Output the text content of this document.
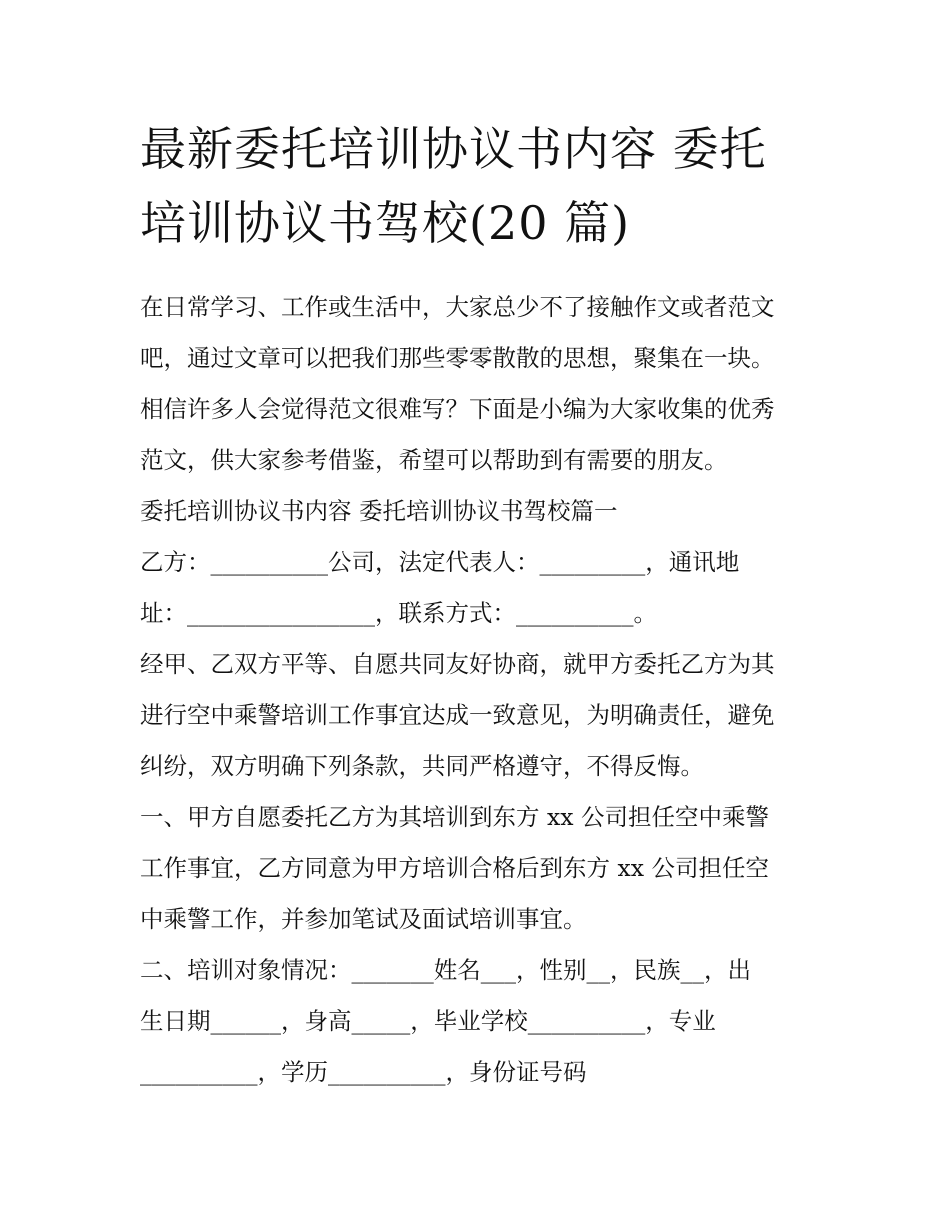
最新委托培训协议书内容 委托
培训协议书驾校(20 篇)
在日常学习、工作或生活中，大家总少不了接触作文或者范文
吧，通过文章可以把我们那些零零散散的思想，聚集在一块。
相信许多人会觉得范文很难写？下面是小编为大家收集的优秀
范文，供大家参考借鉴，希望可以帮助到有需要的朋友。
委托培训协议书内容 委托培训协议书驾校篇一
乙方：__________公司，法定代表人：_________，通讯地
址：________________，联系方式：__________。
经甲、乙双方平等、自愿共同友好协商，就甲方委托乙方为其
进行空中乘警培训工作事宜达成一致意见，为明确责任，避免
纠纷，双方明确下列条款，共同严格遵守，不得反悔。
一、甲方自愿委托乙方为其培训到东方 xx 公司担任空中乘警
工作事宜，乙方同意为甲方培训合格后到东方 xx 公司担任空
中乘警工作，并参加笔试及面试培训事宜。
二、培训对象情况：_______姓名___，性别__，民族__，出
生日期______，身高_____，毕业学校__________，专业
__________，学历__________，身份证号码
